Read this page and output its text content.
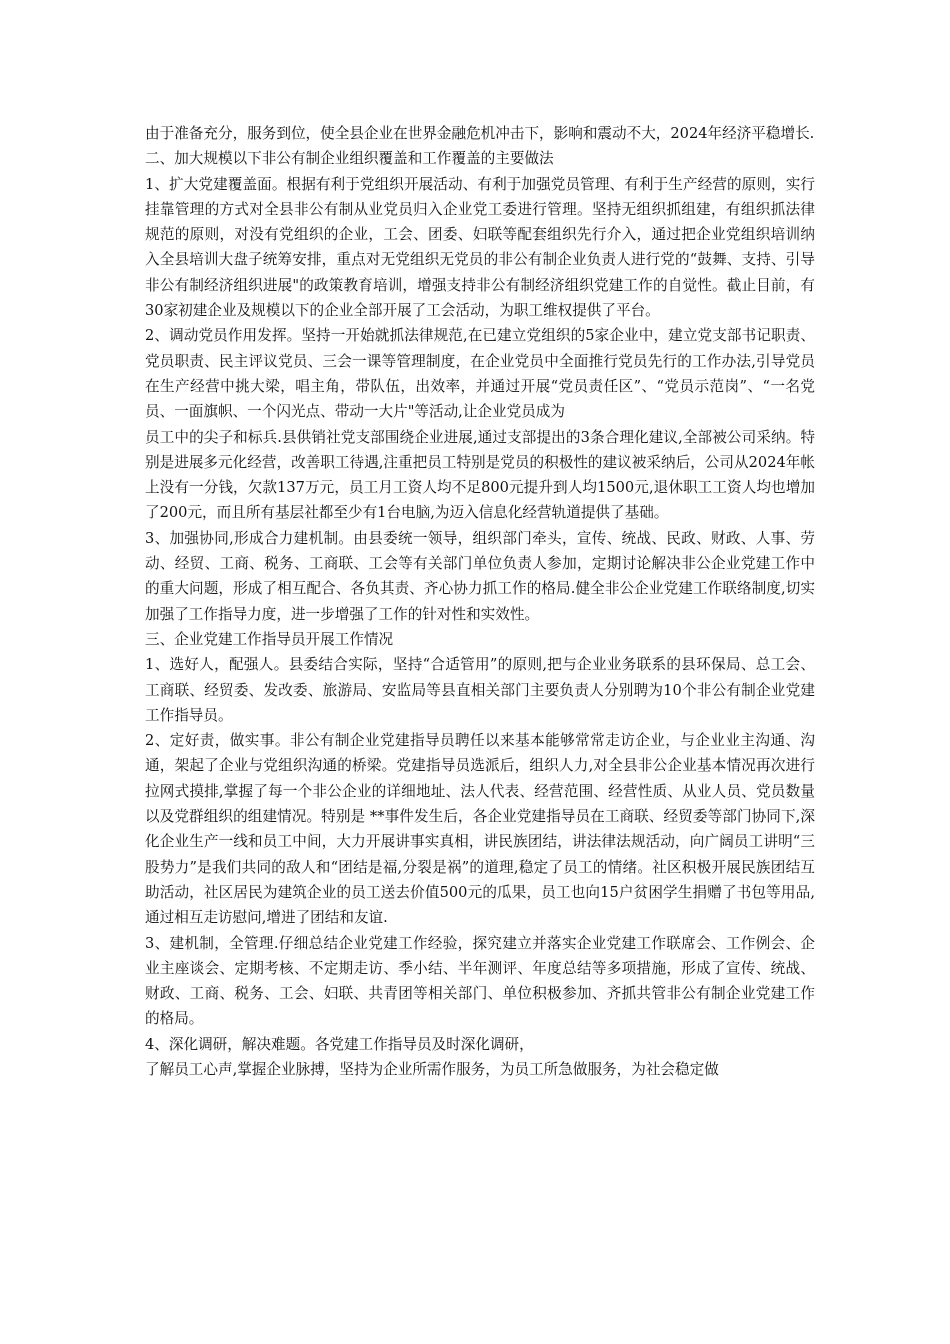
由于准备充分，服务到位，使全县企业在世界金融危机冲击下，影响和震动不大，2024年经济平稳增长.

二、加大规模以下非公有制企业组织覆盖和工作覆盖的主要做法

1、扩大党建覆盖面。根据有利于党组织开展活动、有利于加强党员管理、有利于生产经营的原则，实行挂靠管理的方式对全县非公有制从业党员归入企业党工委进行管理。坚持无组织抓组建，有组织抓法律规范的原则，对没有党组织的企业，工会、团委、妇联等配套组织先行介入，通过把企业党组织培训纳入全县培训大盘子统筹安排，重点对无党组织无党员的非公有制企业负责人进行党的“鼓舞、支持、引导非公有制经济组织进展"的政策教育培训，增强支持非公有制经济组织党建工作的自觉性。截止目前，有30家初建企业及规模以下的企业全部开展了工会活动，为职工维权提供了平台。

2、调动党员作用发挥。坚持一开始就抓法律规范,在已建立党组织的5家企业中，建立党支部书记职责、党员职责、民主评议党员、三会一课等管理制度，在企业党员中全面推行党员先行的工作办法,引导党员在生产经营中挑大梁，唱主角，带队伍，出效率，并通过开展“党员责任区”、“党员示范岗”、“一名党员、一面旗帜、一个闪光点、带动一大片"等活动,让企业党员成为

员工中的尖子和标兵.县供销社党支部围绕企业进展,通过支部提出的3条合理化建议,全部被公司采纳。特别是进展多元化经营，改善职工待遇,注重把员工特别是党员的积极性的建议被采纳后，公司从2024年帐上没有一分钱，欠款137万元，员工月工资人均不足800元提升到人均1500元,退休职工工资人均也增加了200元，而且所有基层社都至少有1台电脑,为迈入信息化经营轨道提供了基础。

3、加强协同,形成合力建机制。由县委统一领导，组织部门牵头，宣传、统战、民政、财政、人事、劳动、经贸、工商、税务、工商联、工会等有关部门单位负责人参加，定期讨论解决非公企业党建工作中的重大问题，形成了相互配合、各负其责、齐心协力抓工作的格局.健全非公企业党建工作联络制度,切实加强了工作指导力度，进一步增强了工作的针对性和实效性。

三、企业党建工作指导员开展工作情况

1、选好人，配强人。县委结合实际，坚持“合适管用”的原则,把与企业业务联系的县环保局、总工会、工商联、经贸委、发改委、旅游局、安监局等县直相关部门主要负责人分别聘为10个非公有制企业党建工作指导员。

2、定好责，做实事。非公有制企业党建指导员聘任以来基本能够常常走访企业，与企业业主沟通、沟通，架起了企业与党组织沟通的桥梁。党建指导员选派后，组织人力,对全县非公企业基本情况再次进行拉网式摸排,掌握了每一个非公企业的详细地址、法人代表、经营范围、经营性质、从业人员、党员数量以及党群组织的组建情况。特别是 **事件发生后，各企业党建指导员在工商联、经贸委等部门协同下,深化企业生产一线和员工中间，大力开展讲事实真相，讲民族团结，讲法律法规活动，向广阔员工讲明“三股势力”是我们共同的敌人和“团结是福,分裂是祸”的道理,稳定了员工的情绪。社区积极开展民族团结互助活动，社区居民为建筑企业的员工送去价值500元的瓜果，员工也向15户贫困学生捐赠了书包等用品,通过相互走访慰问,增进了团结和友谊.

3、建机制，全管理.仔细总结企业党建工作经验，探究建立并落实企业党建工作联席会、工作例会、企业主座谈会、定期考核、不定期走访、季小结、半年测评、年度总结等多项措施，形成了宣传、统战、财政、工商、税务、工会、妇联、共青团等相关部门、单位积极参加、齐抓共管非公有制企业党建工作的格局。

4、深化调研，解决难题。各党建工作指导员及时深化调研，

了解员工心声,掌握企业脉搏，坚持为企业所需作服务，为员工所急做服务，为社会稳定做
